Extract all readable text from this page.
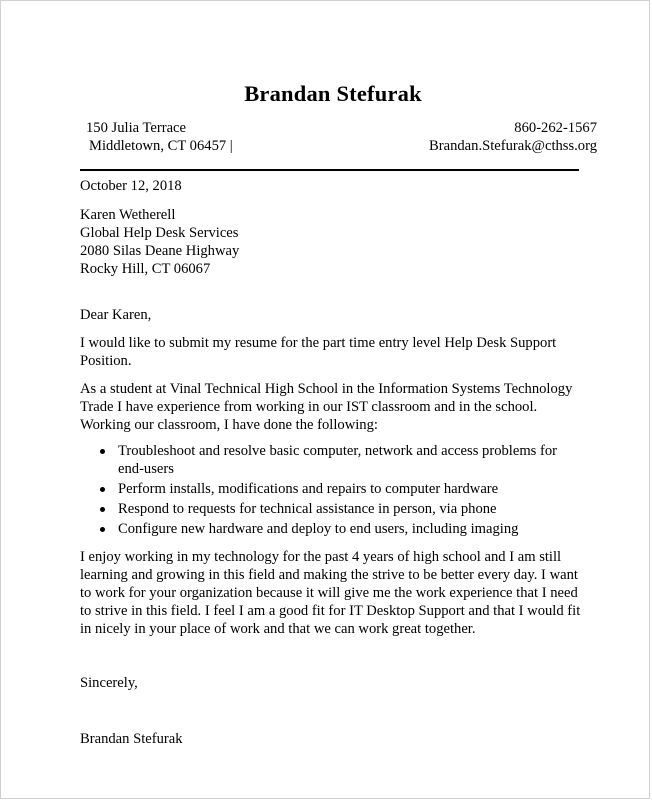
Brandan Stefurak
150 Julia Terrace
Middletown, CT 06457 |
860-262-1567
Brandan.Stefurak@cthss.org
October 12, 2018
Karen Wetherell
Global Help Desk Services
2080 Silas Deane Highway
Rocky Hill, CT 06067
Dear Karen,

I would like to submit my resume for the part time entry level Help Desk Support Position.

As a student at Vinal Technical High School in the Information Systems Technology Trade I have experience from working in our IST classroom and in the school. Working our classroom, I have done the following:

Troubleshoot and resolve basic computer, network and access problems for end-users
Perform installs, modifications and repairs to computer hardware
Respond to requests for technical assistance in person, via phone
Configure new hardware and deploy to end users, including imaging

I enjoy working in my technology for the past 4 years of high school and I am still learning and growing in this field and making the strive to be better every day. I want to work for your organization because it will give me the work experience that I need to strive in this field. I feel I am a good fit for IT Desktop Support and that I would fit in nicely in your place of work and that we can work great together.

Sincerely,
Brandan Stefurak
